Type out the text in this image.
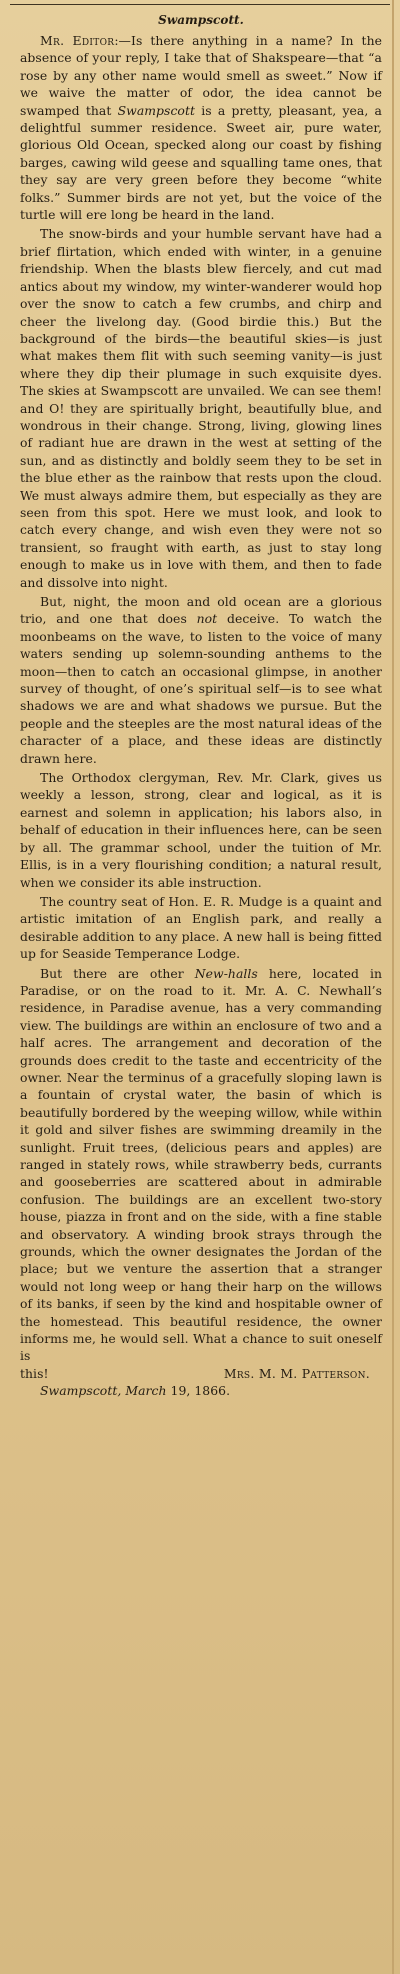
Swampscott.

Mr. Editor:—Is there anything in a name? In the absence of your reply, I take that of Shakspeare—that “a rose by any other name would smell as sweet.” Now if we waive the matter of odor, the idea cannot be swamped that Swampscott is a pretty, pleasant, yea, a delightful summer residence. Sweet air, pure water, glorious Old Ocean, specked along our coast by fishing barges, cawing wild geese and squalling tame ones, that they say are very green before they become “white folks.” Summer birds are not yet, but the voice of the turtle will ere long be heard in the land.

The snow-birds and your humble servant have had a brief flirtation, which ended with winter, in a genuine friendship. When the blasts blew fiercely, and cut mad antics about my window, my winter-wanderer would hop over the snow to catch a few crumbs, and chirp and cheer the livelong day. (Good birdie this.) But the background of the birds—the beautiful skies—is just what makes them flit with such seeming vanity—is just where they dip their plumage in such exquisite dyes. The skies at Swampscott are unvailed. We can see them! and O! they are spiritually bright, beautifully blue, and wondrous in their change. Strong, living, glowing lines of radiant hue are drawn in the west at setting of the sun, and as distinctly and boldly seem they to be set in the blue ether as the rainbow that rests upon the cloud. We must always admire them, but especially as they are seen from this spot. Here we must look, and look to catch every change, and wish even they were not so transient, so fraught with earth, as just to stay long enough to make us in love with them, and then to fade and dissolve into night.

But, night, the moon and old ocean are a glorious trio, and one that does not deceive. To watch the moonbeams on the wave, to listen to the voice of many waters sending up solemn-sounding anthems to the moon—then to catch an occasional glimpse, in another survey of thought, of one’s spiritual self—is to see what shadows we are and what shadows we pursue. But the people and the steeples are the most natural ideas of the character of a place, and these ideas are distinctly drawn here.

The Orthodox clergyman, Rev. Mr. Clark, gives us weekly a lesson, strong, clear and logical, as it is earnest and solemn in application; his labors also, in behalf of education in their influences here, can be seen by all. The grammar school, under the tuition of Mr. Ellis, is in a very flourishing condition; a natural result, when we consider its able instruction.

The country seat of Hon. E. R. Mudge is a quaint and artistic imitation of an English park, and really a desirable addition to any place. A new hall is being fitted up for Seaside Temperance Lodge.

But there are other New-halls here, located in Paradise, or on the road to it. Mr. A. C. Newhall’s residence, in Paradise avenue, has a very commanding view. The buildings are within an enclosure of two and a half acres. The arrangement and decoration of the grounds does credit to the taste and eccentricity of the owner. Near the terminus of a gracefully sloping lawn is a fountain of crystal water, the basin of which is beautifully bordered by the weeping willow, while within it gold and silver fishes are swimming dreamily in the sunlight. Fruit trees, (delicious pears and apples) are ranged in stately rows, while strawberry beds, currants and gooseberries are scattered about in admirable confusion. The buildings are an excellent two-story house, piazza in front and on the side, with a fine stable and observatory. A winding brook strays through the grounds, which the owner designates the Jordan of the place; but we venture the assertion that a stranger would not long weep or hang their harp on the willows of its banks, if seen by the kind and hospitable owner of the homestead. This beautiful residence, the owner informs me, he would sell. What a chance to suit oneself is

this!	Mrs. M. M. Patterson.

Swampscott, March 19, 1866.
